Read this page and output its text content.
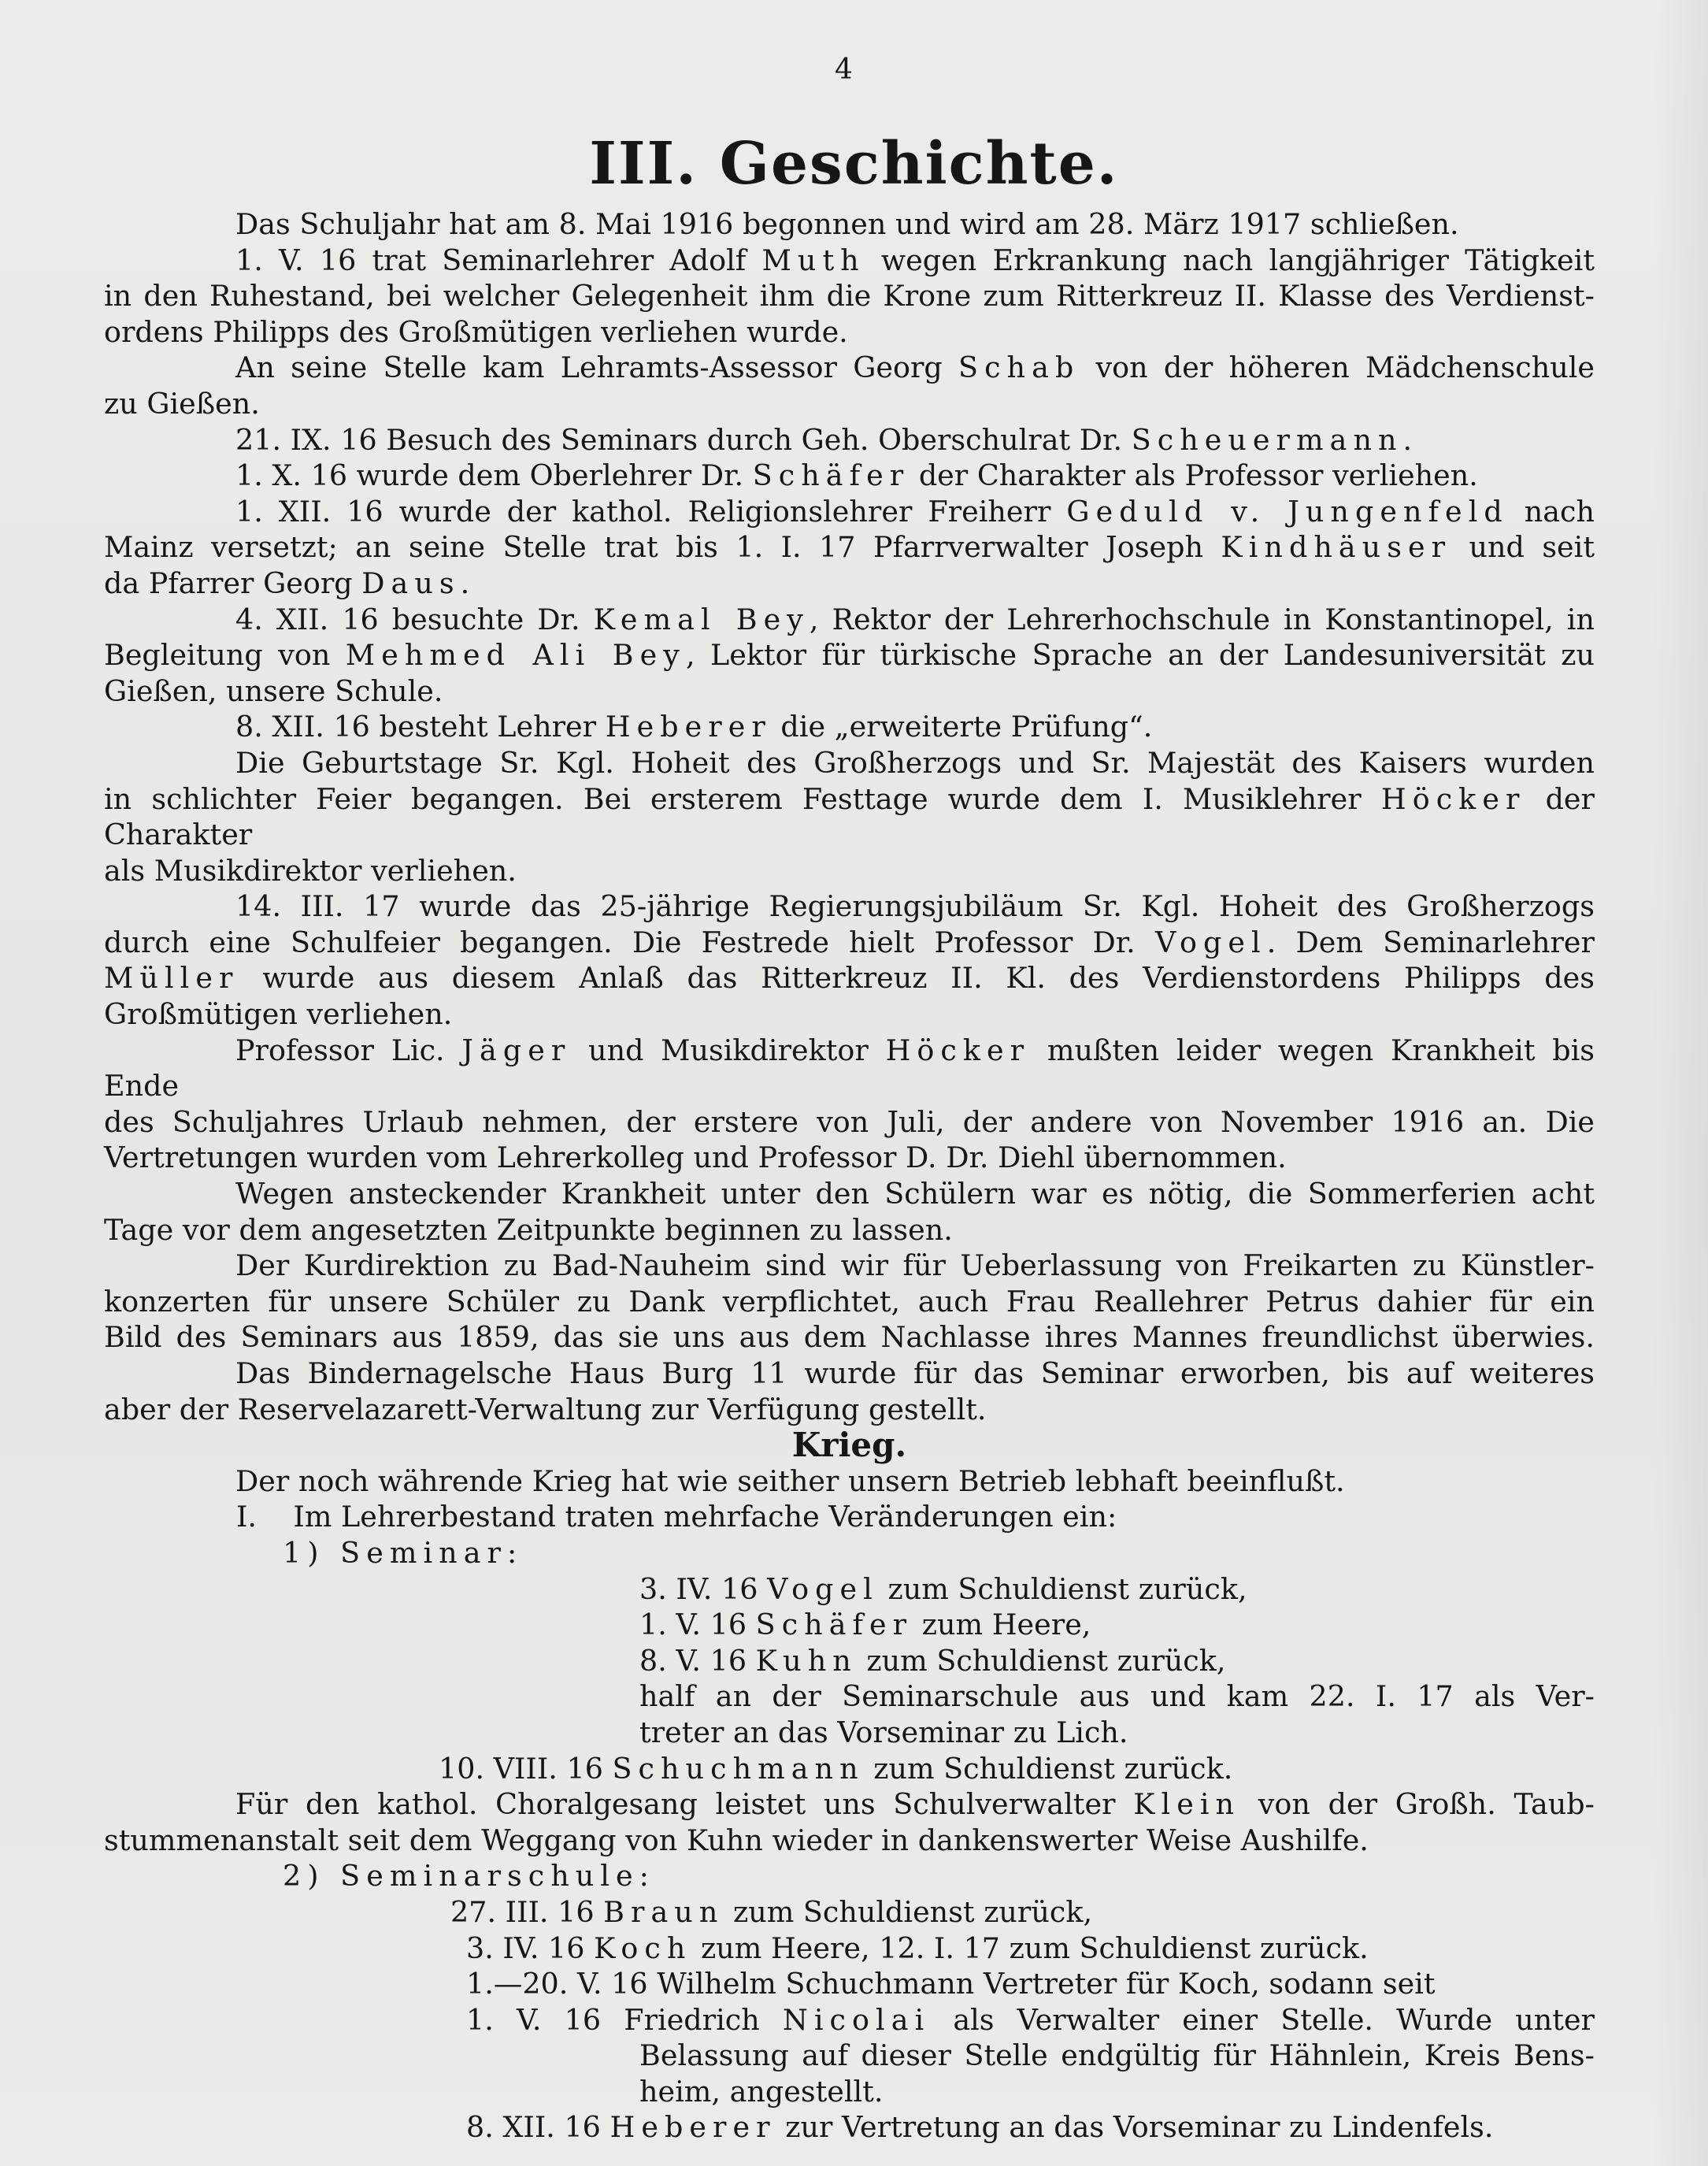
4
III. Geschichte.

Das Schuljahr hat am 8. Mai 1916 begonnen und wird am 28. März 1917 schließen.

1. V. 16 trat Seminarlehrer Adolf Muth wegen Erkrankung nach langjähriger Tätigkeit

in den Ruhestand, bei welcher Gelegenheit ihm die Krone zum Ritterkreuz II. Klasse des Verdienst-

ordens Philipps des Großmütigen verliehen wurde.

An seine Stelle kam Lehramts-Assessor Georg Schab von der höheren Mädchenschule

zu Gießen.

21. IX. 16 Besuch des Seminars durch Geh. Oberschulrat Dr. Scheuermann.

1. X. 16 wurde dem Oberlehrer Dr. Schäfer der Charakter als Professor verliehen.

1. XII. 16 wurde der kathol. Religionslehrer Freiherr Geduld v. Jungenfeld nach

Mainz versetzt; an seine Stelle trat bis 1. I. 17 Pfarrverwalter Joseph Kindhäuser und seit

da Pfarrer Georg Daus.

4. XII. 16 besuchte Dr. Kemal Bey, Rektor der Lehrerhochschule in Konstantinopel, in

Begleitung von Mehmed Ali Bey, Lektor für türkische Sprache an der Landesuniversität zu

Gießen, unsere Schule.

8. XII. 16 besteht Lehrer Heberer die „erweiterte Prüfung“.

Die Geburtstage Sr. Kgl. Hoheit des Großherzogs und Sr. Majestät des Kaisers wurden

in schlichter Feier begangen. Bei ersterem Festtage wurde dem I. Musiklehrer Höcker der Charakter

als Musikdirektor verliehen.

14. III. 17 wurde das 25-jährige Regierungsjubiläum Sr. Kgl. Hoheit des Großherzogs

durch eine Schulfeier begangen. Die Festrede hielt Professor Dr. Vogel. Dem Seminarlehrer

Müller wurde aus diesem Anlaß das Ritterkreuz II. Kl. des Verdienstordens Philipps des

Großmütigen verliehen.

Professor Lic. Jäger und Musikdirektor Höcker mußten leider wegen Krankheit bis Ende

des Schuljahres Urlaub nehmen, der erstere von Juli, der andere von November 1916 an. Die

Vertretungen wurden vom Lehrerkolleg und Professor D. Dr. Diehl übernommen.

Wegen ansteckender Krankheit unter den Schülern war es nötig, die Sommerferien acht

Tage vor dem angesetzten Zeitpunkte beginnen zu lassen.

Der Kurdirektion zu Bad-Nauheim sind wir für Ueberlassung von Freikarten zu Künstler-

konzerten für unsere Schüler zu Dank verpflichtet, auch Frau Reallehrer Petrus dahier für ein

Bild des Seminars aus 1859, das sie uns aus dem Nachlasse ihres Mannes freundlichst überwies.

Das Bindernagelsche Haus Burg 11 wurde für das Seminar erworben, bis auf weiteres

aber der Reservelazarett-Verwaltung zur Verfügung gestellt.

Krieg.

Der noch währende Krieg hat wie seither unsern Betrieb lebhaft beeinflußt.

I.    Im Lehrerbestand traten mehrfache Veränderungen ein:

1) Seminar:

3. IV. 16 Vogel zum Schuldienst zurück,

1. V. 16 Schäfer zum Heere,

8. V. 16 Kuhn zum Schuldienst zurück,

half an der Seminarschule aus und kam 22. I. 17 als Ver-

treter an das Vorseminar zu Lich.

10. VIII. 16 Schuchmann zum Schuldienst zurück.

Für den kathol. Choralgesang leistet uns Schulverwalter Klein von der Großh. Taub-

stummenanstalt seit dem Weggang von Kuhn wieder in dankenswerter Weise Aushilfe.

2) Seminarschule:

27. III. 16 Braun zum Schuldienst zurück,

3. IV. 16 Koch zum Heere, 12. I. 17 zum Schuldienst zurück.

1.—20. V. 16 Wilhelm Schuchmann Vertreter für Koch, sodann seit

1. V. 16 Friedrich Nicolai als Verwalter einer Stelle. Wurde unter

Belassung auf dieser Stelle endgültig für Hähnlein, Kreis Bens-

heim, angestellt.

8. XII. 16 Heberer zur Vertretung an das Vorseminar zu Lindenfels.
